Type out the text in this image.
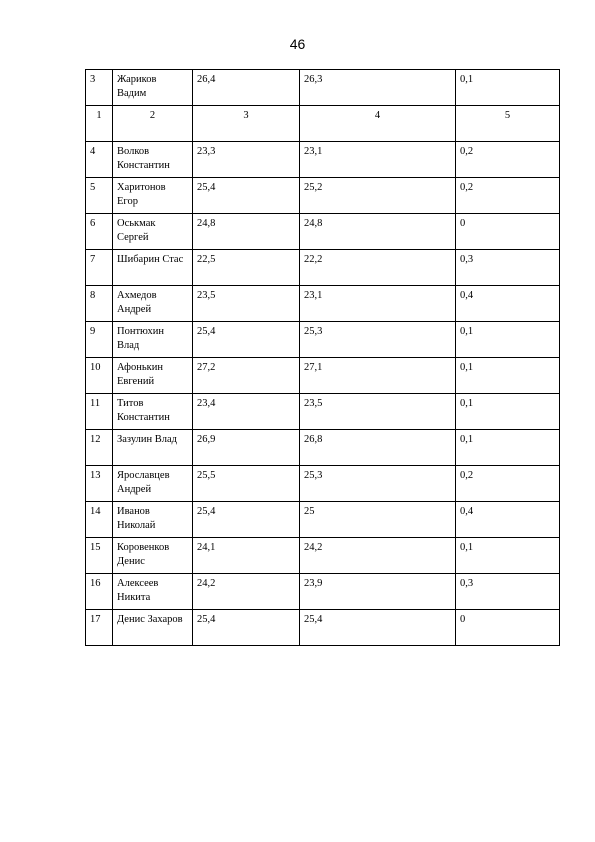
46
3	Жариков Вадим	26,4	26,3	0,1
1	2	3	4	5
4	Волков Константин	23,3	23,1	0,2
5	Харитонов Егор	25,4	25,2	0,2
6	Оськмак Сергей	24,8	24,8	0
7	Шибарин Стас	22,5	22,2	0,3
8	Ахмедов Андрей	23,5	23,1	0,4
9	Понтюхин Влад	25,4	25,3	0,1
10	Афонькин Евгений	27,2	27,1	0,1
11	Титов Константин	23,4	23,5	0,1
12	Зазулин Влад	26,9	26,8	0,1
13	Ярославцев Андрей	25,5	25,3	0,2
14	Иванов Николай	25,4	25	0,4
15	Коровенков Денис	24,1	24,2	0,1
16	Алексеев Никита	24,2	23,9	0,3
17	Денис Захаров	25,4	25,4	0
